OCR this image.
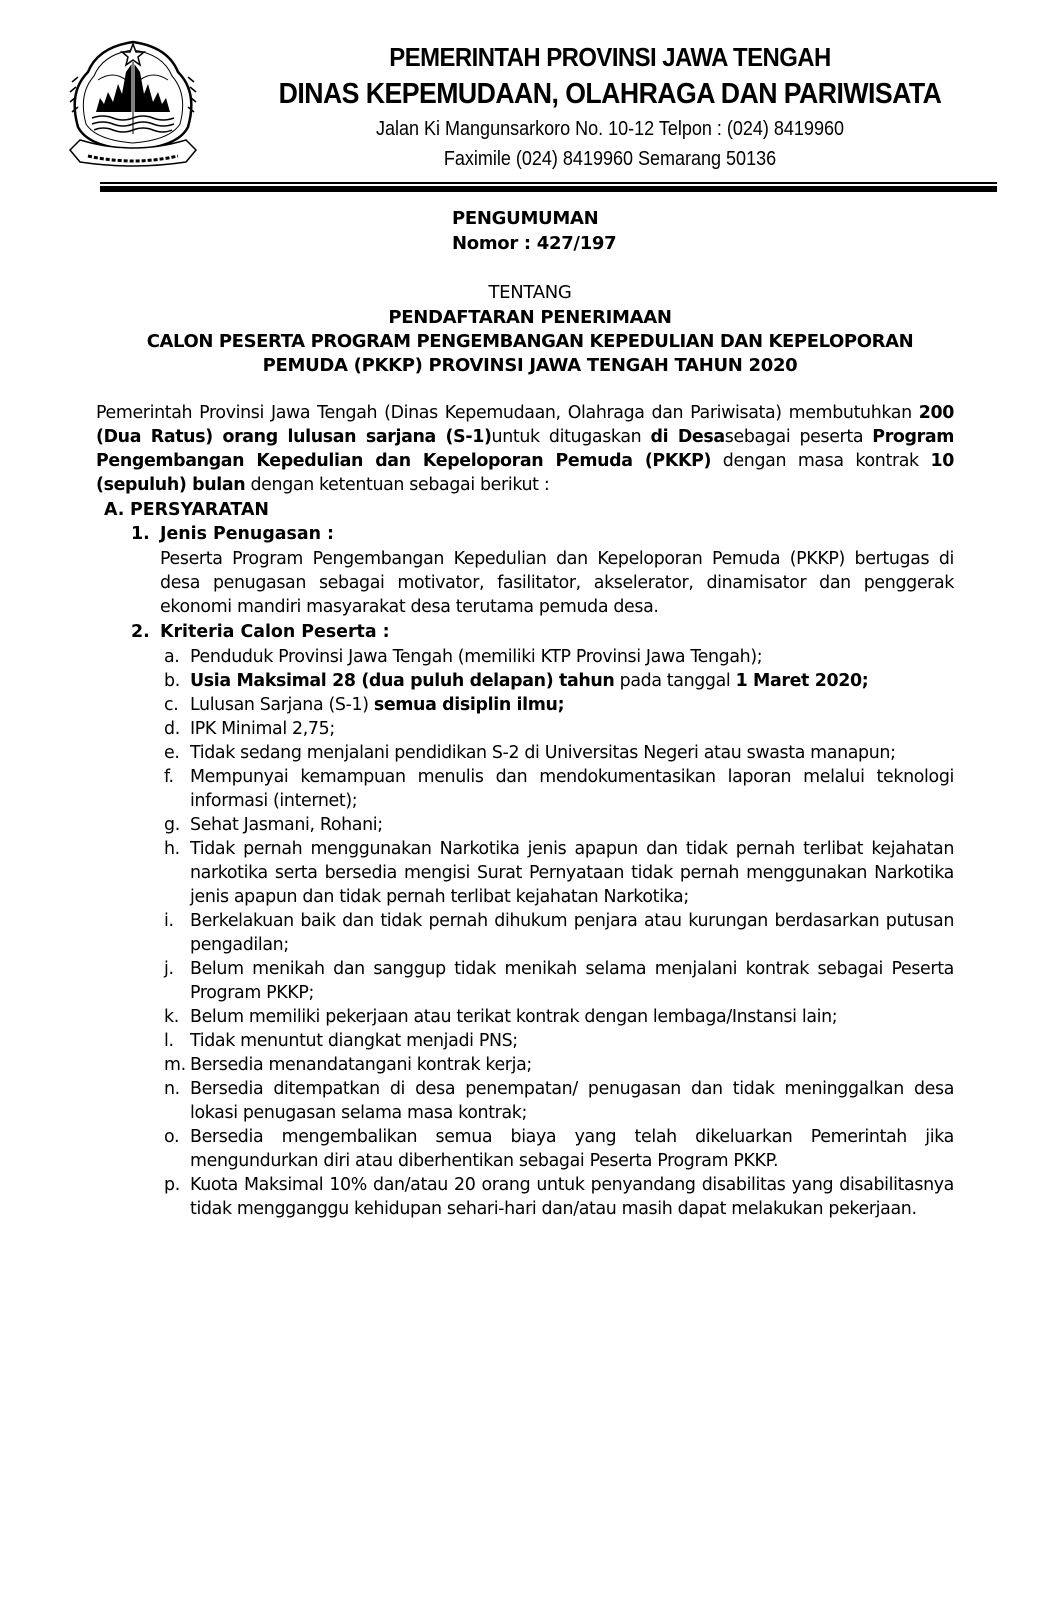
PEMERINTAH PROVINSI JAWA TENGAH
DINAS KEPEMUDAAN, OLAHRAGA DAN PARIWISATA
Jalan Ki Mangunsarkoro No. 10-12 Telpon : (024) 8419960
Faximile (024) 8419960 Semarang 50136
PENGUMUMAN
Nomor : 427/197
TENTANG
PENDAFTARAN PENERIMAAN
CALON PESERTA PROGRAM PENGEMBANGAN KEPEDULIAN DAN KEPELOPORAN
PEMUDA (PKKP) PROVINSI JAWA TENGAH TAHUN 2020

Pemerintah Provinsi Jawa Tengah (Dinas Kepemudaan, Olahraga dan Pariwisata) membutuhkan 200 (Dua Ratus) orang lulusan sarjana (S-1)untuk ditugaskan di Desasebagai peserta Program Pengembangan Kepedulian dan Kepeloporan Pemuda (PKKP) dengan masa kontrak 10 (sepuluh) bulan dengan ketentuan sebagai berikut :

A. PERSYARATAN
1. Jenis Penugasan :
Peserta Program Pengembangan Kepedulian dan Kepeloporan Pemuda (PKKP) bertugas di desa penugasan sebagai motivator, fasilitator, akselerator, dinamisator dan penggerak ekonomi mandiri masyarakat desa terutama pemuda desa.
2. Kriteria Calon Peserta :
a. Penduduk Provinsi Jawa Tengah (memiliki KTP Provinsi Jawa Tengah);
b. Usia Maksimal 28 (dua puluh delapan) tahun pada tanggal 1 Maret 2020;
c. Lulusan Sarjana (S-1) semua disiplin ilmu;
d. IPK Minimal 2,75;
e. Tidak sedang menjalani pendidikan S-2 di Universitas Negeri atau swasta manapun;
f. Mempunyai kemampuan menulis dan mendokumentasikan laporan melalui teknologi informasi (internet);
g. Sehat Jasmani, Rohani;
h. Tidak pernah menggunakan Narkotika jenis apapun dan tidak pernah terlibat kejahatan narkotika serta bersedia mengisi Surat Pernyataan tidak pernah menggunakan Narkotika jenis apapun dan tidak pernah terlibat kejahatan Narkotika;
i. Berkelakuan baik dan tidak pernah dihukum penjara atau kurungan berdasarkan putusan pengadilan;
j. Belum menikah dan sanggup tidak menikah selama menjalani kontrak sebagai Peserta Program PKKP;
k. Belum memiliki pekerjaan atau terikat kontrak dengan lembaga/Instansi lain;
l. Tidak menuntut diangkat menjadi PNS;
m. Bersedia menandatangani kontrak kerja;
n. Bersedia ditempatkan di desa penempatan/ penugasan dan tidak meninggalkan desa lokasi penugasan selama masa kontrak;
o. Bersedia mengembalikan semua biaya yang telah dikeluarkan Pemerintah jika mengundurkan diri atau diberhentikan sebagai Peserta Program PKKP.
p. Kuota Maksimal 10% dan/atau 20 orang untuk penyandang disabilitas yang disabilitasnya tidak mengganggu kehidupan sehari-hari dan/atau masih dapat melakukan pekerjaan.
